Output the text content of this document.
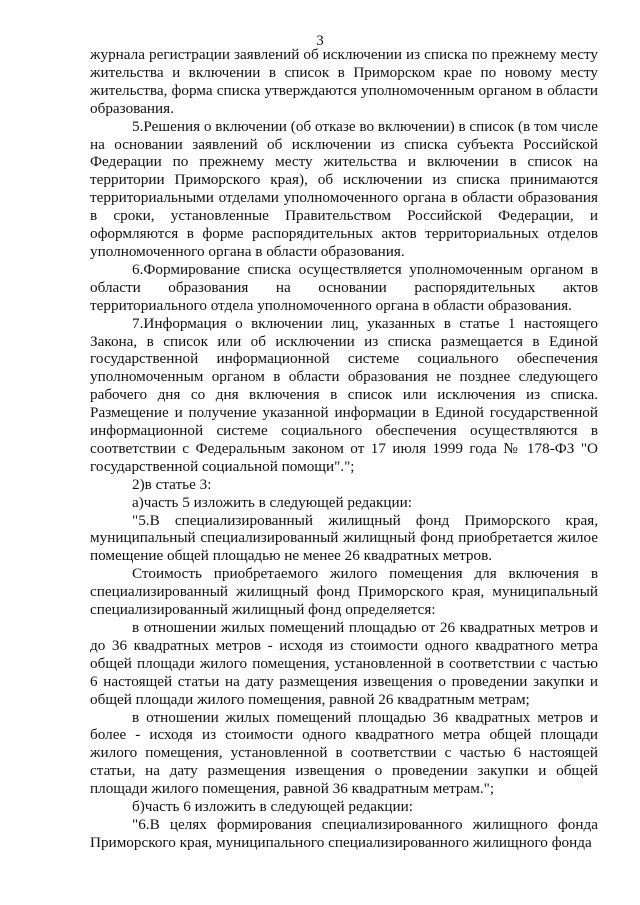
3

журнала регистрации заявлений об исключении из списка по прежнему месту жительства и включении в список в Приморском крае по новому месту жительства, форма списка утверждаются уполномоченным органом в области образования.

5.Решения о включении (об отказе во включении) в список (в том числе на основании заявлений об исключении из списка субъекта Российской Федерации по прежнему месту жительства и включении в список на территории Приморского края), об исключении из списка принимаются территориальными отделами уполномоченного органа в области образования в сроки, установленные Правительством Российской Федерации, и оформляются в форме распорядительных актов территориальных отделов уполномоченного органа в области образования.

6.Формирование списка осуществляется уполномоченным органом в области образования на основании распорядительных актов территориального отдела уполномоченного органа в области образования.

7.Информация о включении лиц, указанных в статье 1 настоящего Закона, в список или об исключении из списка размещается в Единой государственной информационной системе социального обеспечения уполномоченным органом в области образования не позднее следующего рабочего дня со дня включения в список или исключения из списка. Размещение и получение указанной информации в Единой государственной информационной системе социального обеспечения осуществляются в соответствии с Федеральным законом от 17 июля 1999 года № 178-ФЗ "О государственной социальной помощи".";

2)в статье 3:

а)часть 5 изложить в следующей редакции:

"5.В специализированный жилищный фонд Приморского края, муниципальный специализированный жилищный фонд приобретается жилое помещение общей площадью не менее 26 квадратных метров.

Стоимость приобретаемого жилого помещения для включения в специализированный жилищный фонд Приморского края, муниципальный специализированный жилищный фонд определяется:

в отношении жилых помещений площадью от 26 квадратных метров и до 36 квадратных метров - исходя из стоимости одного квадратного метра общей площади жилого помещения, установленной в соответствии с частью 6 настоящей статьи на дату размещения извещения о проведении закупки и общей площади жилого помещения, равной 26 квадратным метрам;

в отношении жилых помещений площадью 36 квадратных метров и более - исходя из стоимости одного квадратного метра общей площади жилого помещения, установленной в соответствии с частью 6 настоящей статьи, на дату размещения извещения о проведении закупки и общей площади жилого помещения, равной 36 квадратным метрам.";

б)часть 6 изложить в следующей редакции:

"6.В целях формирования специализированного жилищного фонда Приморского края, муниципального специализированного жилищного фонда
